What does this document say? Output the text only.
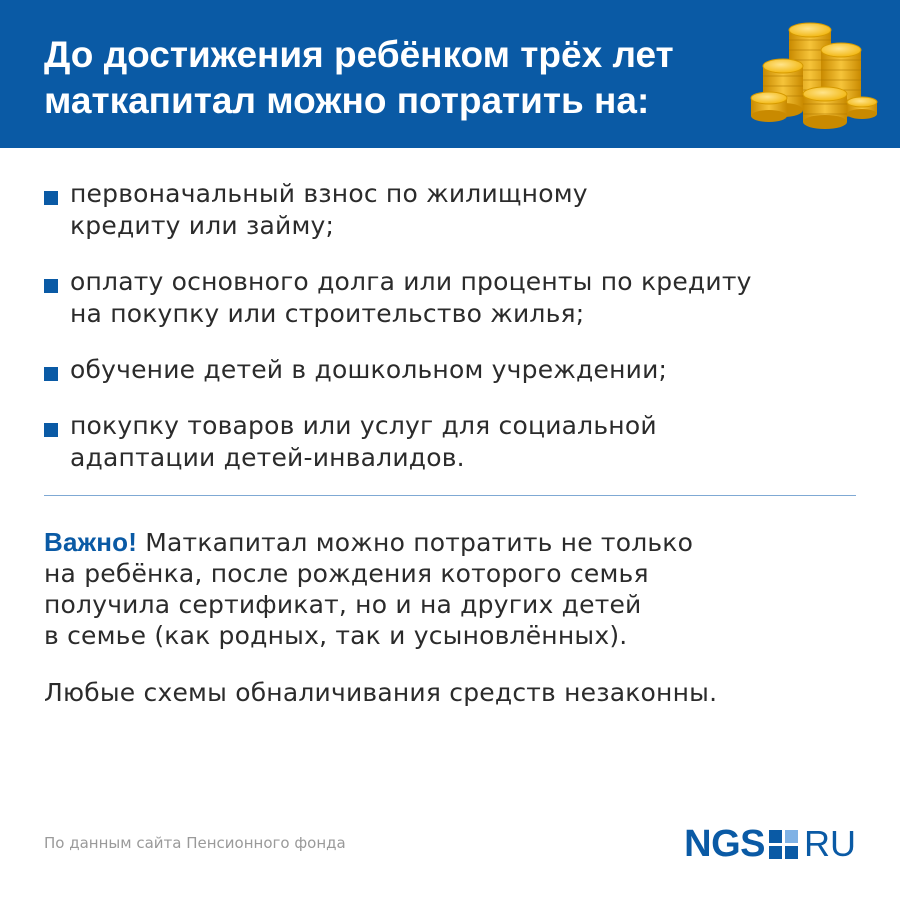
До достижения ребёнком трёх лет маткапитал можно потратить на:
первоначальный взнос по жилищному
кредиту или займу;
оплату основного долга или проценты по кредиту
на покупку или строительство жилья;
обучение детей в дошкольном учреждении;
покупку товаров или услуг для социальной
адаптации детей-инвалидов.

Важно! Маткапитал можно потратить не только
на ребёнка, после рождения которого семья
получила сертификат, но и на других детей
в семье (как родных, так и усыновлённых).

Любые схемы обналичивания средств незаконны.

По данным сайта Пенсионного фонда	NGS RU
